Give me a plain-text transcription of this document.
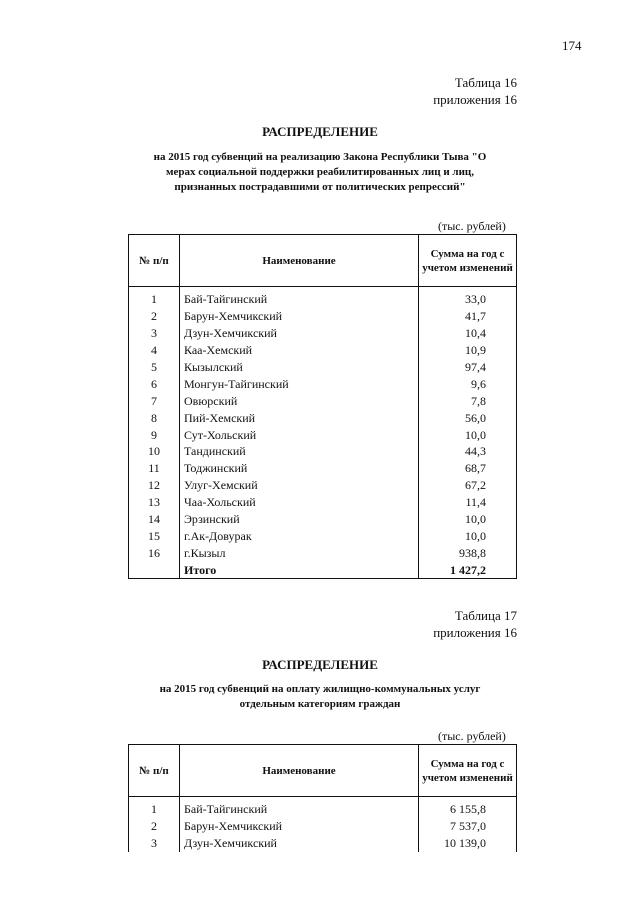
174
Таблица 16
приложения 16
РАСПРЕДЕЛЕНИЕ
на 2015 год субвенций на реализацию Закона Республики Тыва "О
мерах социальной поддержки реабилитированных лиц и лиц,
признанных пострадавшими от политических репрессий"
(тыс. рублей)
№ п/п	Наименование	Сумма на год с учетом изменений
1	Бай-Тайгинский	33,0
2	Барун-Хемчикский	41,7
3	Дзун-Хемчикский	10,4
4	Каа-Хемский	10,9
5	Кызылский	97,4
6	Монгун-Тайгинский	9,6
7	Овюрский	7,8
8	Пий-Хемский	56,0
9	Сут-Хольский	10,0
10	Тандинский	44,3
11	Тоджинский	68,7
12	Улуг-Хемский	67,2
13	Чаа-Хольский	11,4
14	Эрзинский	10,0
15	г.Ак-Довурак	10,0
16	г.Кызыл	938,8
	Итого	1 427,2
Таблица 17
приложения 16
РАСПРЕДЕЛЕНИЕ
на 2015 год субвенций на оплату жилищно-коммунальных услуг
отдельным категориям граждан
(тыс. рублей)
№ п/п	Наименование	Сумма на год с учетом изменений
1	Бай-Тайгинский	6 155,8
2	Барун-Хемчикский	7 537,0
3	Дзун-Хемчикский	10 139,0
